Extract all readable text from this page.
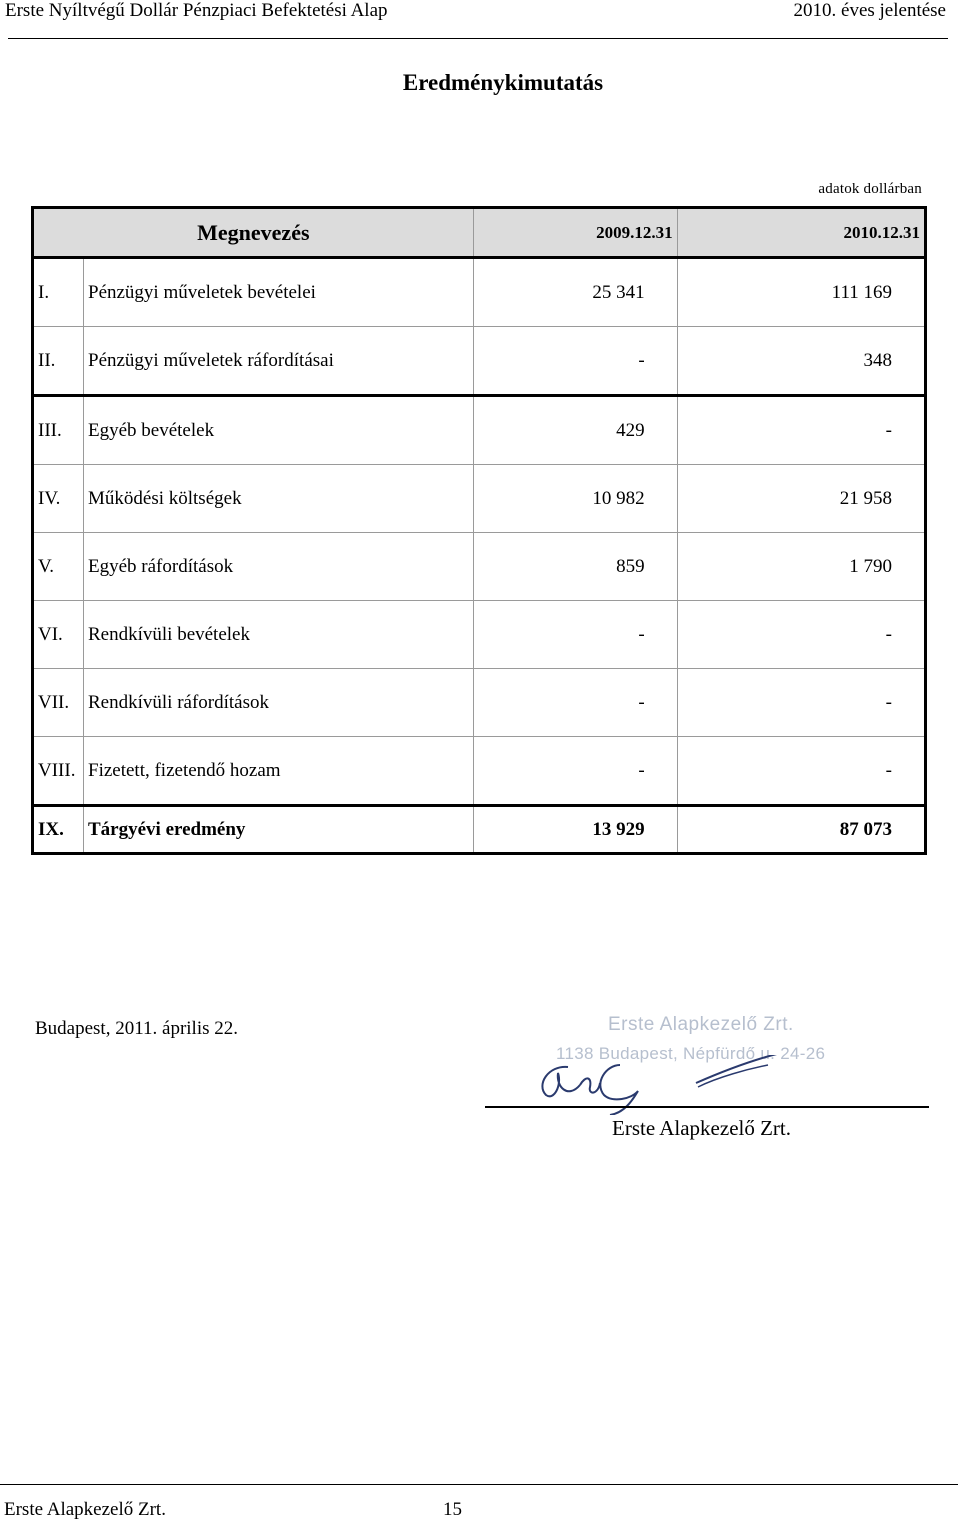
Erste Nyíltvégű Dollár Pénzpiaci Befektetési Alap	2010. éves jelentése
Eredménykimutatás
adatok dollárban
Megnevezés		2009.12.31	2010.12.31
I.	Pénzügyi műveletek bevételei	25 341	111 169
II.	Pénzügyi műveletek ráfordításai	-	348
III.	Egyéb bevételek	429	-
IV.	Működési költségek	10 982	21 958
V.	Egyéb ráfordítások	859	1 790
VI.	Rendkívüli bevételek	-	-
VII.	Rendkívüli ráfordítások	-	-
VIII.	Fizetett, fizetendő hozam	-	-
IX.	Tárgyévi eredmény	13 929	87 073
Budapest, 2011. április 22.	Erste Alapkezelő Zrt.
1138 Budapest, Népfürdő u. 24-26
Erste Alapkezelő Zrt.
Erste Alapkezelő Zrt.	15
